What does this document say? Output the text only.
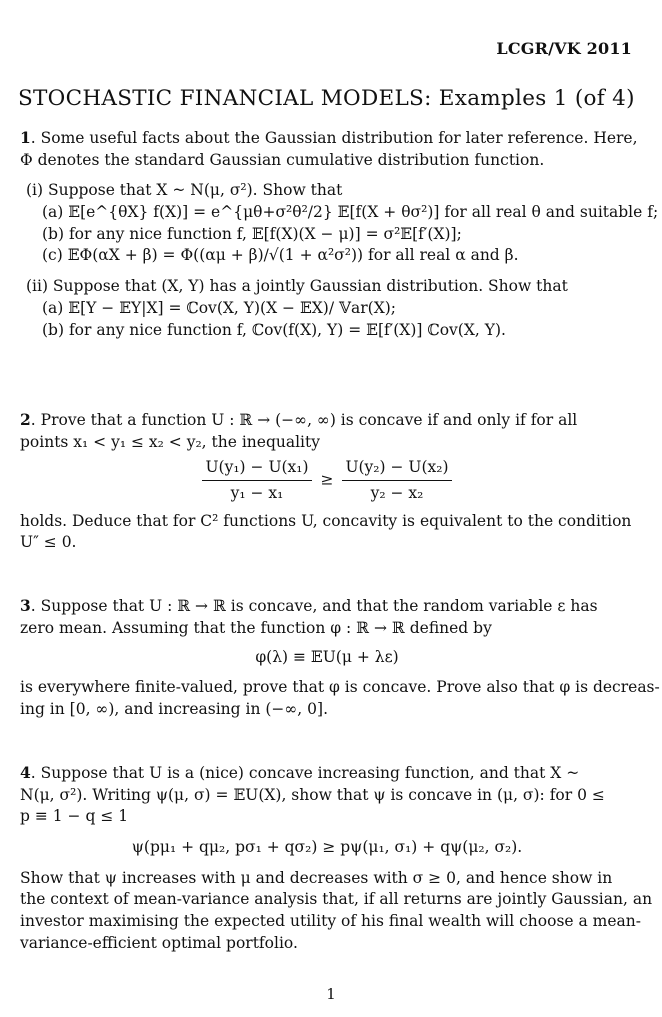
LCGR/VK 2011
STOCHASTIC FINANCIAL MODELS: Examples 1 (of 4)
1. Some useful facts about the Gaussian distribution for later reference. Here,
Φ denotes the standard Gaussian cumulative distribution function.
(i) Suppose that X ~ N(μ, σ²). Show that
(a) 𝔼[e^{θX} f(X)] = e^{μθ+σ²θ²/2} 𝔼[f(X + θσ²)] for all real θ and suitable f;
(b) for any nice function f, 𝔼[f(X)(X − μ)] = σ²𝔼[f′(X)];
(c) 𝔼Φ(αX + β) = Φ((αμ + β)/√(1 + α²σ²)) for all real α and β.
(ii) Suppose that (X, Y) has a jointly Gaussian distribution. Show that
(a) 𝔼[Y − 𝔼Y|X] = ℂov(X, Y)(X − 𝔼X)/ 𝕍ar(X);
(b) for any nice function f, ℂov(f(X), Y) = 𝔼[f′(X)] ℂov(X, Y).
2. Prove that a function U : ℝ → (−∞, ∞) is concave if and only if for all
points x₁ < y₁ ≤ x₂ < y₂, the inequality
$\frac{\text{U(y₁) − U(x₁)}}{\text{y₁ − x₁}} \ge \frac{\text{U(y₂) − U(x₂)}}{\text{y₂ − x₂}}$
holds. Deduce that for C² functions U, concavity is equivalent to the condition
U″ ≤ 0.
3. Suppose that U : ℝ → ℝ is concave, and that the random variable ε has
zero mean. Assuming that the function φ : ℝ → ℝ defined by
φ(λ) ≡ 𝔼U(μ + λε)
is everywhere finite-valued, prove that φ is concave. Prove also that φ is decreas-
ing in [0, ∞), and increasing in (−∞, 0].
4. Suppose that U is a (nice) concave increasing function, and that X ~
N(μ, σ²). Writing ψ(μ, σ) = 𝔼U(X), show that ψ is concave in (μ, σ): for 0 ≤
p ≡ 1 − q ≤ 1
ψ(pμ₁ + qμ₂, pσ₁ + qσ₂) ≥ pψ(μ₁, σ₁) + qψ(μ₂, σ₂).
Show that ψ increases with μ and decreases with σ ≥ 0, and hence show in
the context of mean-variance analysis that, if all returns are jointly Gaussian, an
investor maximising the expected utility of his final wealth will choose a mean-
variance-efficient optimal portfolio.
1
